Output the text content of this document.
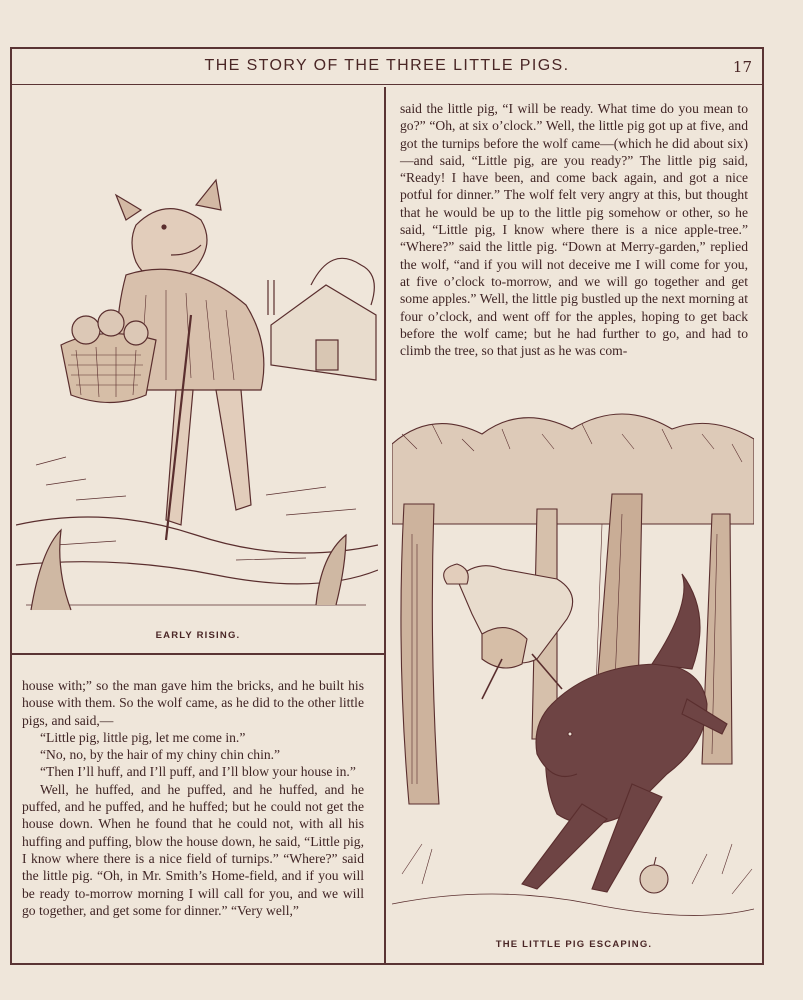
THE STORY OF THE THREE LITTLE PIGS.	17
EARLY RISING.
THE LITTLE PIG ESCAPING.

said the little pig, “I will be ready. What time do you mean to go?” “Oh, at six o’clock.” Well, the little pig got up at five, and got the turnips before the wolf came—(which he did about six)—and said, “Little pig, are you ready?” The little pig said, “Ready! I have been, and come back again, and got a nice potful for dinner.” The wolf felt very angry at this, but thought that he would be up to the little pig somehow or other, so he said, “Little pig, I know where there is a nice apple-tree.” “Where?” said the little pig. “Down at Merry-garden,” replied the wolf, “and if you will not deceive me I will come for you, at five o’clock to-morrow, and we will go together and get some apples.” Well, the little pig bustled up the next morning at four o’clock, and went off for the apples, hoping to get back before the wolf came; but he had further to go, and had to climb the tree, so that just as he was com-

house with;” so the man gave him the bricks, and he built his house with them. So the wolf came, as he did to the other little pigs, and said,—

“Little pig, little pig, let me come in.”

“No, no, by the hair of my chiny chin chin.”

“Then I’ll huff, and I’ll puff, and I’ll blow your house in.”

Well, he huffed, and he puffed, and he huffed, and he puffed, and he puffed, and he huffed; but he could not get the house down. When he found that he could not, with all his huffing and puffing, blow the house down, he said, “Little pig, I know where there is a nice field of turnips.” “Where?” said the little pig. “Oh, in Mr. Smith’s Home-field, and if you will be ready to-morrow morning I will call for you, and we will go together, and get some for dinner.” “Very well,”
